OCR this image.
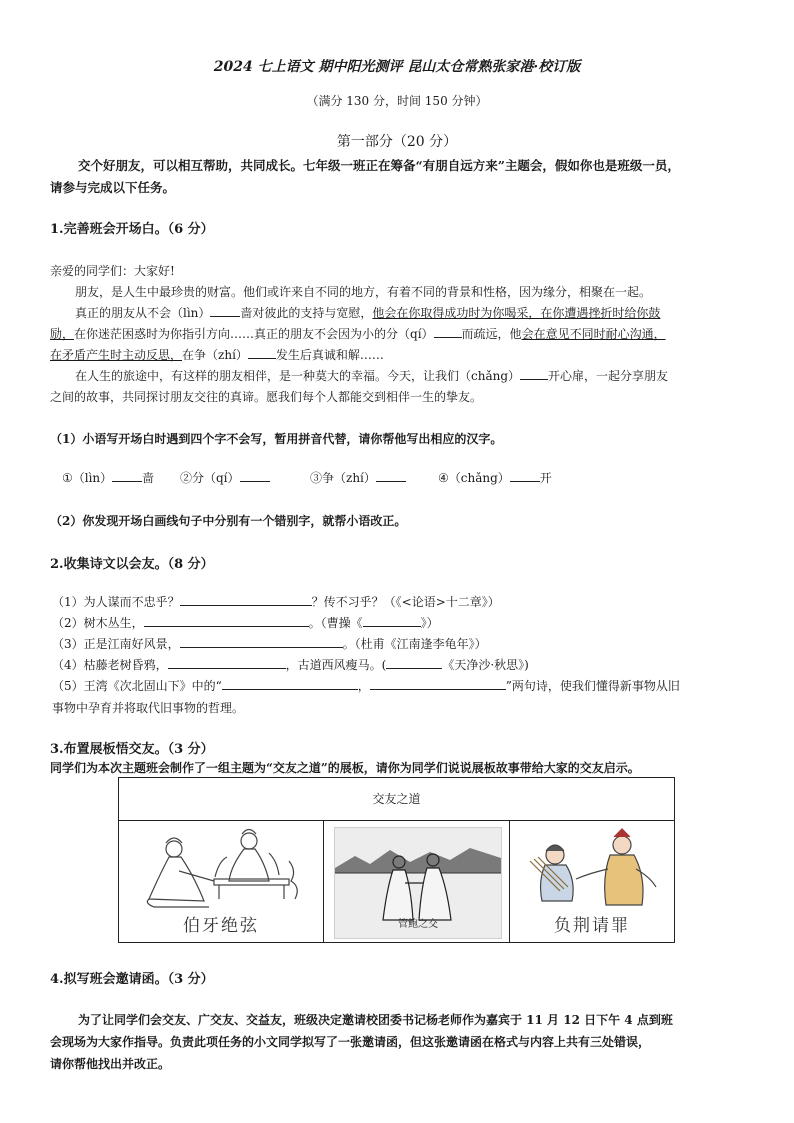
2024 七上语文 期中阳光测评 昆山太仓常熟张家港·校订版
（满分 130 分，时间 150 分钟）
第一部分（20 分）
交个好朋友，可以相互帮助，共同成长。七年级一班正在筹备“有朋自远方来”主题会，假如你也是班级一员，
请参与完成以下任务。
1.完善班会开场白。（6 分）
亲爱的同学们：大家好!
朋友，是人生中最珍贵的财富。他们或许来自不同的地方，有着不同的背景和性格，因为缘分，相聚在一起。
真正的朋友从不会（lìn）	啬对彼此的支持与宽慰，他会在你取得成功时为你喝采，在你遭遇挫折时给你鼓
励，在你迷茫困惑时为你指引方向……真正的朋友不会因为小的分（qí） 而疏远，他会在意见不同时耐心沟通，
在矛盾产生时主动反思，在争（zhí） 发生后真诚和解……
在人生的旅途中，有这样的朋友相伴，是一种莫大的幸福。今天，让我们（chǎng） 开心扉，一起分享朋友
之间的故事，共同探讨朋友交往的真谛。愿我们每个人都能交到相伴一生的挚友。
（1）小语写开场白时遇到四个字不会写，暂用拼音代替，请你帮他写出相应的汉字。
①（lìn）	啬 ②分（qí）	③争（zhí）	④（chǎng）	开
（2）你发现开场白画线句子中分别有一个错别字，就帮小语改正。
2.收集诗文以会友。（8 分）
（1）为人谋而不忠乎？	？传不习乎？（《<论语>十二章》）
（2）树木丛生，	。（曹操《	》）
（3）正是江南好风景，	。（杜甫《江南逢李龟年》）
（4）枯藤老树昏鸦，	，古道西风瘦马。(	《天净沙·秋思》)
（5）王湾《次北固山下》中的“	，	”两句诗，使我们懂得新事物从旧
事物中孕育并将取代旧事物的哲理。
3.布置展板悟交友。（3 分）
同学们为本次主题班会制作了一组主题为“交友之道”的展板，请你为同学们说说展板故事带给大家的交友启示。
交友之道
伯牙绝弦	管鲍之交	负荆请罪
4.拟写班会邀请函。（3 分）
为了让同学们会交友、广交友、交益友，班级决定邀请校团委书记杨老师作为嘉宾于 11 月 12 日下午 4 点到班
会现场为大家作指导。负责此项任务的小文同学拟写了一张邀请函，但这张邀请函在格式与内容上共有三处错误，
请你帮他找出并改正。
